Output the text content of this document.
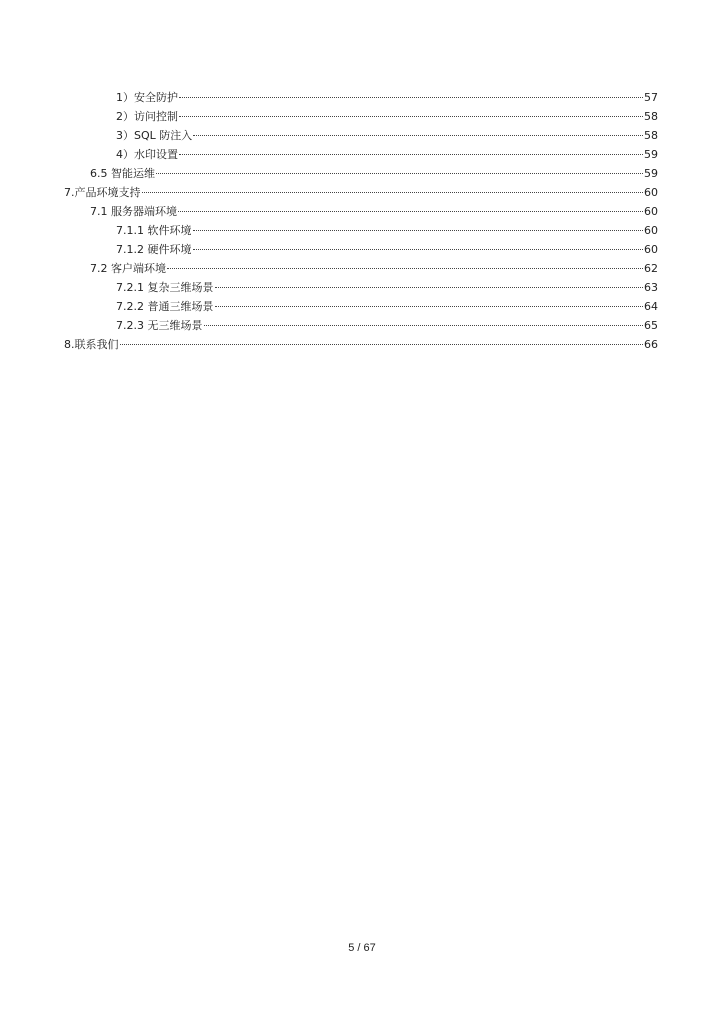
1）安全防护	57
2）访问控制	58
3）SQL 防注入	58
4）水印设置	59
6.5 智能运维	59
7.产品环境支持	60
7.1 服务器端环境	60
7.1.1 软件环境	60
7.1.2 硬件环境	60
7.2 客户端环境	62
7.2.1 复杂三维场景	63
7.2.2 普通三维场景	64
7.2.3 无三维场景	65
8.联系我们	66
5 / 67
